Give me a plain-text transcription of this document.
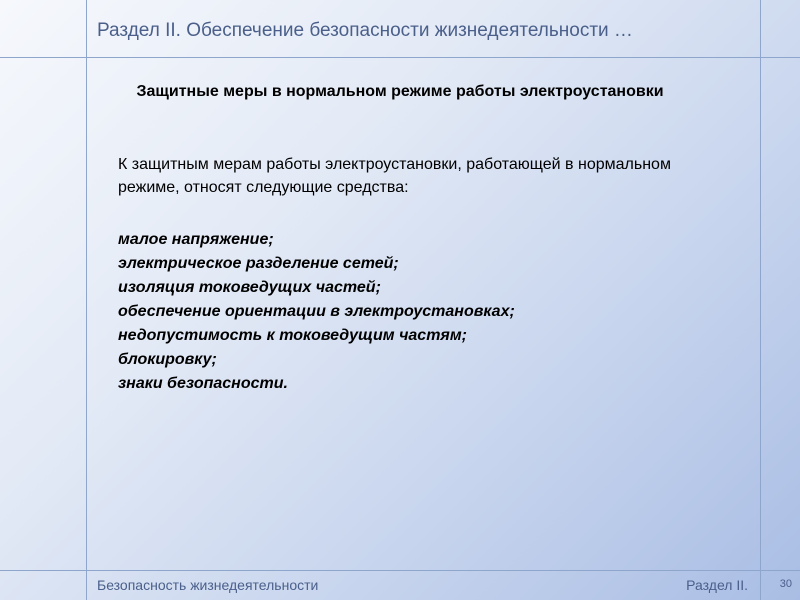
Раздел II. Обеспечение безопасности жизнедеятельности …
Защитные меры в нормальном режиме работы электроустановки
К защитным мерам работы электроустановки, работающей в нормальном режиме, относят следующие средства:
малое напряжение;
электрическое разделение сетей;
изоляция токоведущих частей;
обеспечение ориентации в электроустановках;
недопустимость к токоведущим частям;
блокировку;
знаки безопасности.
Безопасность жизнедеятельности	Раздел II.	30
